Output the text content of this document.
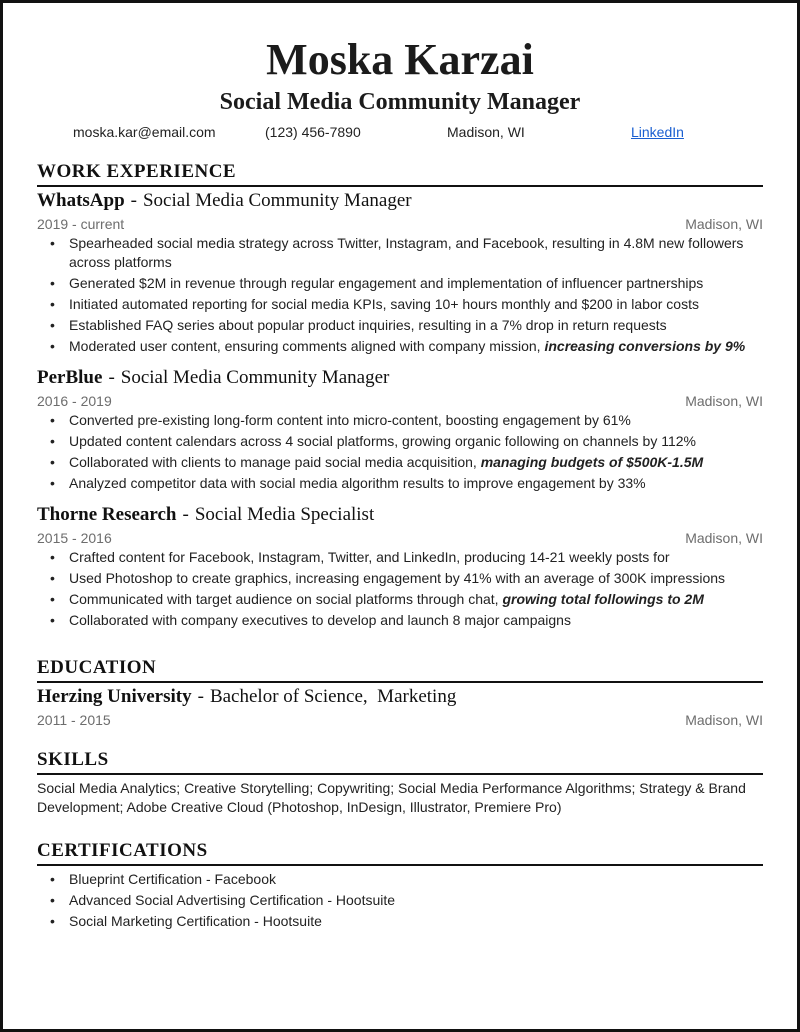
Moska Karzai
Social Media Community Manager
moska.kar@email.com	(123) 456-7890	Madison, WI	LinkedIn
WORK EXPERIENCE
WhatsApp - Social Media Community Manager
2019 - current	Madison, WI
• Spearheaded social media strategy across Twitter, Instagram, and Facebook, resulting in 4.8M new followers across platforms
• Generated $2M in revenue through regular engagement and implementation of influencer partnerships
• Initiated automated reporting for social media KPIs, saving 10+ hours monthly and $200 in labor costs
• Established FAQ series about popular product inquiries, resulting in a 7% drop in return requests
• Moderated user content, ensuring comments aligned with company mission, increasing conversions by 9%
PerBlue - Social Media Community Manager
2016 - 2019	Madison, WI
• Converted pre-existing long-form content into micro-content, boosting engagement by 61%
• Updated content calendars across 4 social platforms, growing organic following on channels by 112%
• Collaborated with clients to manage paid social media acquisition, managing budgets of $500K-1.5M
• Analyzed competitor data with social media algorithm results to improve engagement by 33%
Thorne Research - Social Media Specialist
2015 - 2016	Madison, WI
• Crafted content for Facebook, Instagram, Twitter, and LinkedIn, producing 14-21 weekly posts for
• Used Photoshop to create graphics, increasing engagement by 41% with an average of 300K impressions
• Communicated with target audience on social platforms through chat, growing total followings to 2M
• Collaborated with company executives to develop and launch 8 major campaigns
EDUCATION
Herzing University - Bachelor of Science,  Marketing
2011 - 2015	Madison, WI
SKILLS
Social Media Analytics; Creative Storytelling; Copywriting; Social Media Performance Algorithms; Strategy & Brand Development; Adobe Creative Cloud (Photoshop, InDesign, Illustrator, Premiere Pro)
CERTIFICATIONS
• Blueprint Certification - Facebook
• Advanced Social Advertising Certification - Hootsuite
• Social Marketing Certification - Hootsuite
